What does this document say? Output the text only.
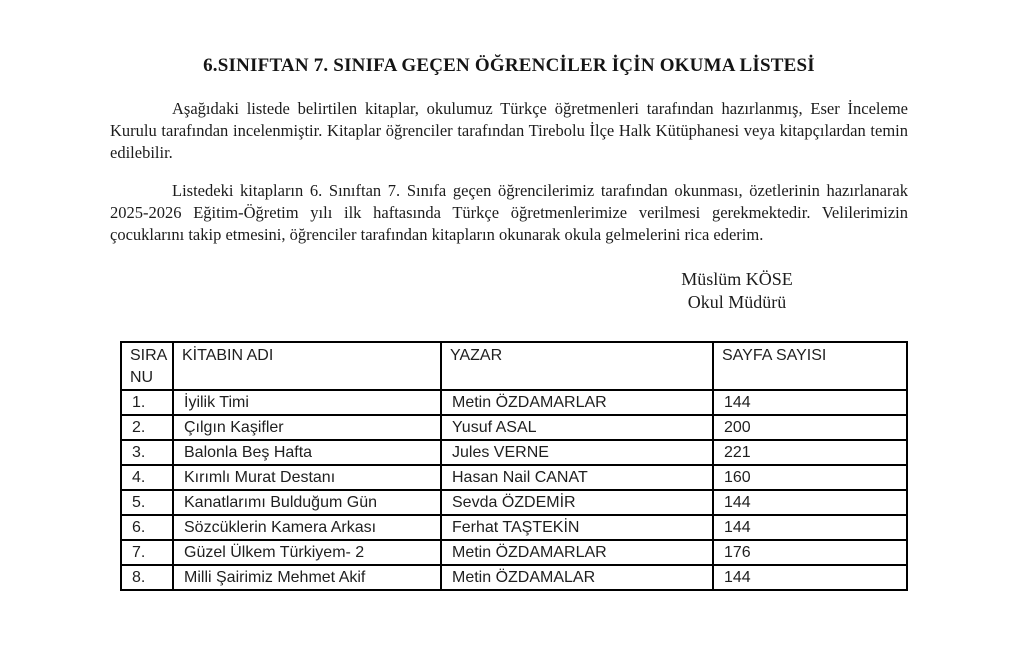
6.SINIFTAN 7. SINIFA GEÇEN ÖĞRENCİLER İÇİN OKUMA LİSTESİ

Aşağıdaki listede belirtilen kitaplar, okulumuz Türkçe öğretmenleri tarafından hazırlanmış, Eser İnceleme Kurulu tarafından incelenmiştir. Kitaplar öğrenciler tarafından Tirebolu İlçe Halk Kütüphanesi veya kitapçılardan temin edilebilir.

Listedeki kitapların 6. Sınıftan 7. Sınıfa geçen öğrencilerimiz tarafından okunması, özetlerinin hazırlanarak 2025-2026 Eğitim-Öğretim yılı ilk haftasında Türkçe öğretmenlerimize verilmesi gerekmektedir. Velilerimizin çocuklarını takip etmesini, öğrenciler tarafından kitapların okunarak okula gelmelerini rica ederim.

Müslüm KÖSE
Okul Müdürü
SIRA NU	KİTABIN ADI	YAZAR	SAYFA SAYISI
1.	İyilik Timi	Metin ÖZDAMARLAR	144
2.	Çılgın Kaşifler	Yusuf ASAL	200
3.	Balonla Beş Hafta	Jules VERNE	221
4.	Kırımlı Murat Destanı	Hasan Nail CANAT	160
5.	Kanatlarımı Bulduğum Gün	Sevda ÖZDEMİR	144
6.	Sözcüklerin Kamera Arkası	Ferhat TAŞTEKİN	144
7.	Güzel Ülkem Türkiyem- 2	Metin ÖZDAMARLAR	176
8.	Milli Şairimiz Mehmet Akif	Metin ÖZDAMALAR	144
